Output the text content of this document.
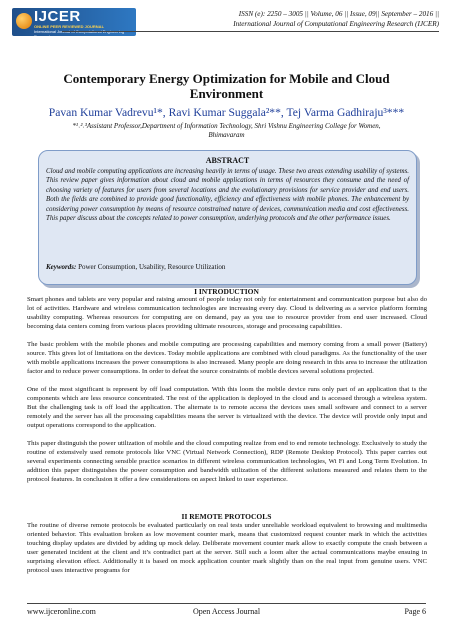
IJCER
ONLINE PEER REVIEWED JOURNAL
International Journal of Computational Engineering Research
ISSN (e): 2250 – 3005 || Volume, 06 || Issue, 09|| September – 2016 ||
International Journal of Computational Engineering Research (IJCER)
Contemporary Energy Optimization for Mobile and Cloud Environment
Pavan Kumar Vadrevu¹*, Ravi Kumar Suggala²**, Tej Varma Gadhiraju³***
*¹˒²˒³Assistant Professor,Department of Information Technology, Shri Vishnu Engineering College for Women,
Bhimavaram
ABSTRACT
Cloud and mobile computing applications are increasing heavily in terms of usage. These two areas extending usability of systems. This review paper gives information about cloud and mobile applications in terms of resources they consume and the need of choosing variety of features for users from several locations and the evolutionary provisions for service provider and end users. Both the fields are combined to provide good functionality, efficiency and effectiveness with mobile phones. The enhancement by considering power consumption by means of resource constrained nature of devices, communication media and cost effectiveness. This paper discuss about the concepts related to power consumption, underlying protocols and the other performance issues.
Keywords: Power Consumption, Usability, Resource Utilization
I INTRODUCTION
Smart phones and tablets are very popular and raising amount of people today not only for entertainment and communication purpose but also do lot of activities. Hardware and wireless communication technologies are increasing every day. Cloud is delivering as a service platform forming usability computing. Whereas resources for computing are on demand, pay as you use to resource provider from end user increased. Cloud becoming data centers coming from various places providing ultimate resources, storage and processing capabilities.
The basic problem with the mobile phones and mobile computing are processing capabilities and memory coming from a small power (Battery) source. This gives lot of limitations on the devices. Today mobile applications are combined with cloud paradigms. As the functionality of the user with mobile applications increases the power consumptions is also increased. Many people are doing research in this area to increase the utilization factor and to reduce power consumptions. In order to defeat the source constraints of mobile devices several solutions projected.
One of the most significant is represent by off load computation. With this loom the mobile device runs only part of an application that is the components which are less resource concentrated. The rest of the application is deployed in the cloud and is accessed through a wireless system. But the challenging task is off load the application. The alternate is to remote access the devices uses small software and connect to a server remotely and the server has all the processing capabilities means the server is virtualized with the device. The device will provide only input and output operations correspond to the application.
This paper distinguish the power utilization of mobile and the cloud computing realize from end to end remote technology. Exclusively to study the routine of extensively used remote protocols like VNC (Virtual Network Connection), RDP (Remote Desktop Protocol). This paper carries out several experiments connecting sensible practice scenarios in different wireless communication technologies, Wi Fi and Long Term Evolution. In addition this paper distinguishes the power consumption and bandwidth utilization of the different solutions measured and relates them to the protocol features. In conclusion it offer a few considerations on aspect linked to user experience.
II REMOTE PROTOCOLS
The routine of diverse remote protocols be evaluated particularly on real tests under unreliable workload equivalent to browsing and multimedia oriented behavior. This evaluation broken as low movement counter mark, means that customized request counter mark in which the activities touching display updates are divided by adding up mock delay. Deliberate movement counter mark allow to exactly compute the crash between a user generated incident at the client and it’s contradict part at the server. Still such a loom alter the actual communications maybe ensuing in surprising elevation effect. Additionally it is based on mock application counter mark slightly than on the real input from genuine users. VNC protocol uses interactive programs for
www.ijceronline.com	Open Access Journal	Page 6
